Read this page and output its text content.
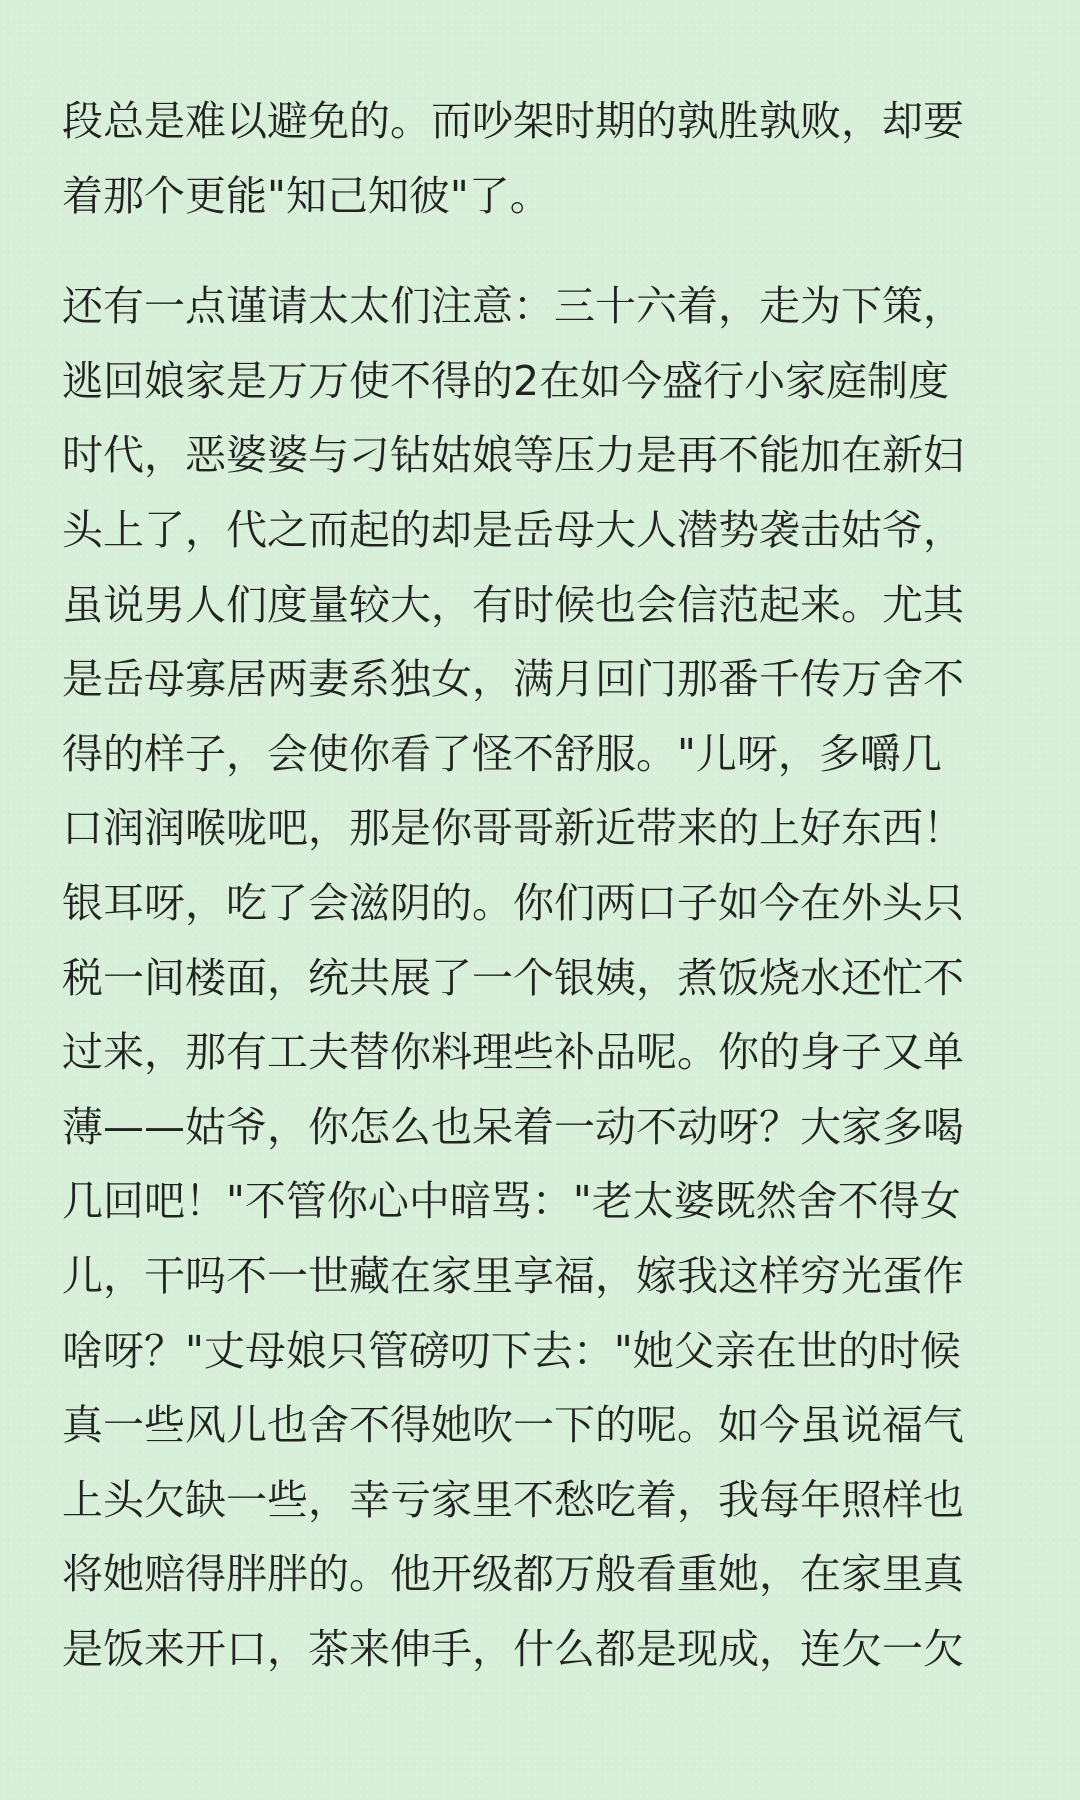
段总是难以避免的。而吵架时期的孰胜孰败，却要
着那个更能"知己知彼"了。

还有一点谨请太太们注意：三十六着，走为下策，
逃回娘家是万万使不得的2在如今盛行小家庭制度
时代，恶婆婆与刁钻姑娘等压力是再不能加在新妇
头上了，代之而起的却是岳母大人潜势袭击姑爷，
虽说男人们度量较大，有时候也会信范起来。尤其
是岳母寡居两妻系独女，满月回门那番千传万舍不
得的样子，会使你看了怪不舒服。"儿呀，多嚼几
口润润喉咙吧，那是你哥哥新近带来的上好东西！
银耳呀，吃了会滋阴的。你们两口子如今在外头只
税一间楼面，统共展了一个银姨，煮饭烧水还忙不
过来，那有工夫替你料理些补品呢。你的身子又单
薄——姑爷，你怎么也呆着一动不动呀？大家多喝
几回吧！"不管你心中暗骂："老太婆既然舍不得女
儿，干吗不一世藏在家里享福，嫁我这样穷光蛋作
啥呀？"丈母娘只管磅叨下去："她父亲在世的时候
真一些风儿也舍不得她吹一下的呢。如今虽说福气
上头欠缺一些，幸亏家里不愁吃着，我每年照样也
将她赔得胖胖的。他开级都万般看重她，在家里真
是饭来开口，茶来伸手，什么都是现成，连欠一欠
